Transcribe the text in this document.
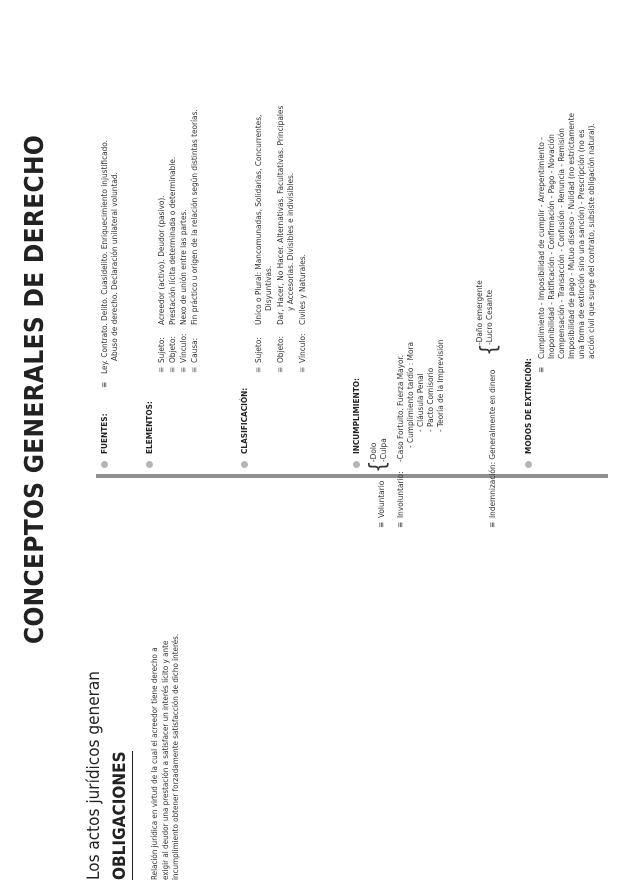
CONCEPTOS GENERALES DE DERECHO
Los actos jurídicos generan OBLIGACIONES	Relación jurídica en virtud de la cual el acreedor tiene derecho a exigir al deudor una prestación a satisfacer un interés lícito y ante incumplimiento obtener forzadamente satisfacción de dicho interés.
FUENTES:
≡
Ley. Contrato. Delito. Cuasidelito. Enriquecimiento injustificado. Abuso de derecho. Declaración unilateral voluntad.
ELEMENTOS:
≡
Sujeto:
Acreedor (activo). Deudor (pasivo).
≡
Objeto:
Prestación lícita determinada o determinable.
≡
Vínculo:
Nexo de unión entre las partes.
≡
Causa:
Fin práctico u origen de la relación según distintas teorías.
CLASIFICACIÓN:
≡
Sujeto:
Único o Plural: Mancomunadas, Solidarias, Concurrentes, Disyuntivas.
≡
Objeto:
Dar, Hacer, No Hacer. Alternativas. Facultativas. Principales y Accesorias. Divisibles e indivisibles.
≡
Vínculo:
Civiles y Naturales.
INCUMPLIMIENTO:
≡
Voluntario
{
-Dolo -Culpa
≡
Involuntario:
-Caso Fortuito. Fuerza Mayor. - Cumplimiento tardío : Mora - Cláusula Penal - Pacto Comisorio - Teoría de la Imprevisión
≡
Indemnización: Generalmente en dinero
{
-Daño emergente -Lucro Cesante
MODOS DE EXTINCIÓN: ≡
Cumplimiento - Imposibilidad de cumplir - Arrepentimiento - Inoponibilidad - Ratificación - Confirmación - Pago - Novación Compensación - Transacción - Confusión - Renuncia - Remisión Imposibilidad de pago - Mutuo disenso - Nulidad (no estrictamente una forma de extinción sino una sanción) - Prescripción (no es acción civil que surge del contrato, subsiste obligación natural).
